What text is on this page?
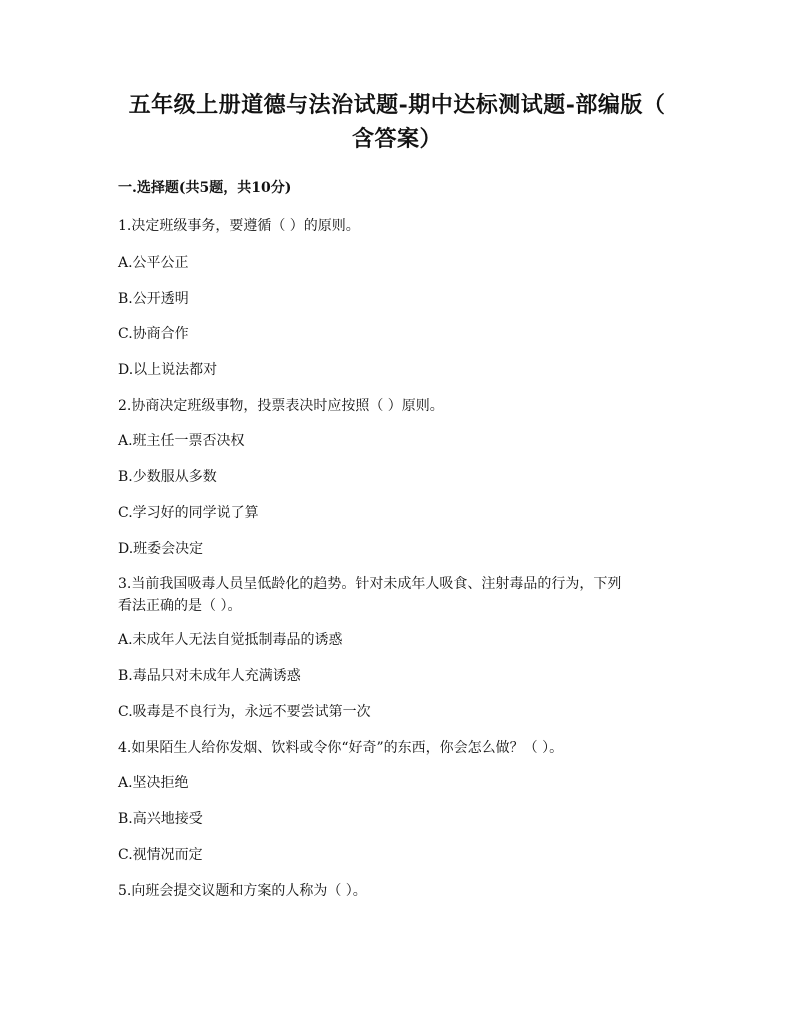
五年级上册道德与法治试题-期中达标测试题-部编版（
含答案）
一.选择题(共5题，共10分)
1.决定班级事务，要遵循（ ）的原则。
A.公平公正
B.公开透明
C.协商合作
D.以上说法都对
2.协商决定班级事物，投票表决时应按照（ ）原则。
A.班主任一票否决权
B.少数服从多数
C.学习好的同学说了算
D.班委会决定
3.当前我国吸毒人员呈低龄化的趋势。针对未成年人吸食、注射毒品的行为，下列
看法正确的是（ ）。
A.未成年人无法自觉抵制毒品的诱惑
B.毒品只对未成年人充满诱惑
C.吸毒是不良行为，永远不要尝试第一次
4.如果陌生人给你发烟、饮料或令你“好奇”的东西，你会怎么做？（ ）。
A.坚决拒绝
B.高兴地接受
C.视情况而定
5.向班会提交议题和方案的人称为（ ）。
